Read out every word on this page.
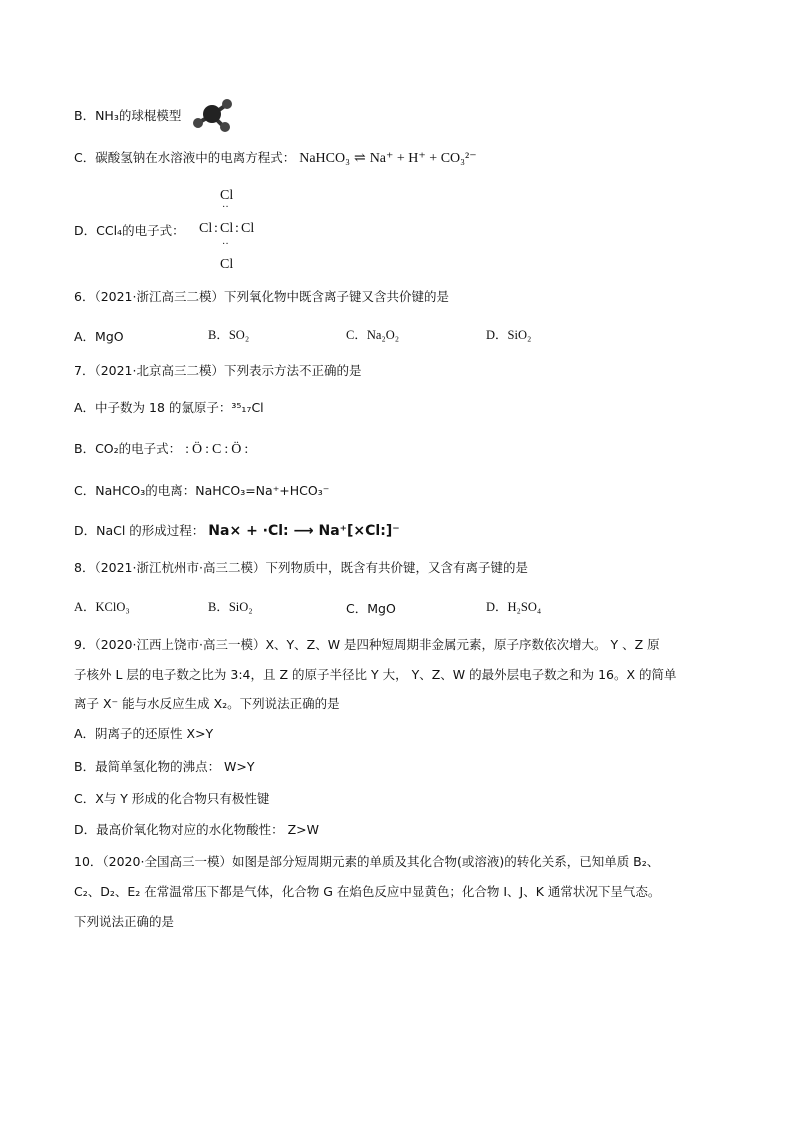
B．NH₃的球棍模型
C．碳酸氢钠在水溶液中的电离方程式： NaHCO₃ ⇌ Na⁺ + H⁺ + CO₃²⁻
D．CCl₄的电子式：
Cl
··
Cl : Cl : Cl
··
Cl
6．（2021·浙江高三二模）下列氧化物中既含离子键又含共价键的是
A．MgO	B．SO₂	C．Na₂O₂	D．SiO₂
7．（2021·北京高三二模）下列表示方法不正确的是
A．中子数为 18 的氯原子：³⁵₁₇Cl
B．CO₂的电子式： :Ö:C:Ö:
C．NaHCO₃的电离：NaHCO₃=Na⁺+HCO₃⁻
D．NaCl 的形成过程： Na× + ·Cl: ⟶ Na⁺[×Cl:]⁻
8．（2021·浙江杭州市·高三二模）下列物质中，既含有共价键，又含有离子键的是
A．KClO₃	B．SiO₂	C．MgO	D．H₂SO₄
9．（2020·江西上饶市·高三一模）X、Y、Z、W 是四种短周期非金属元素，原子序数依次增大。 Y 、Z 原
子核外 L 层的电子数之比为 3:4，且 Z 的原子半径比 Y 大， Y、Z、W 的最外层电子数之和为 16。X 的简单
离子 X⁻ 能与水反应生成 X₂。下列说法正确的是
A．阴离子的还原性 X>Y
B．最简单氢化物的沸点： W>Y
C．X与 Y 形成的化合物只有极性键
D．最高价氧化物对应的水化物酸性： Z>W
10．（2020·全国高三一模）如图是部分短周期元素的单质及其化合物(或溶液)的转化关系，已知单质 B₂、
C₂、D₂、E₂ 在常温常压下都是气体，化合物 G 在焰色反应中显黄色；化合物 I、J、K 通常状况下呈气态。
下列说法正确的是
